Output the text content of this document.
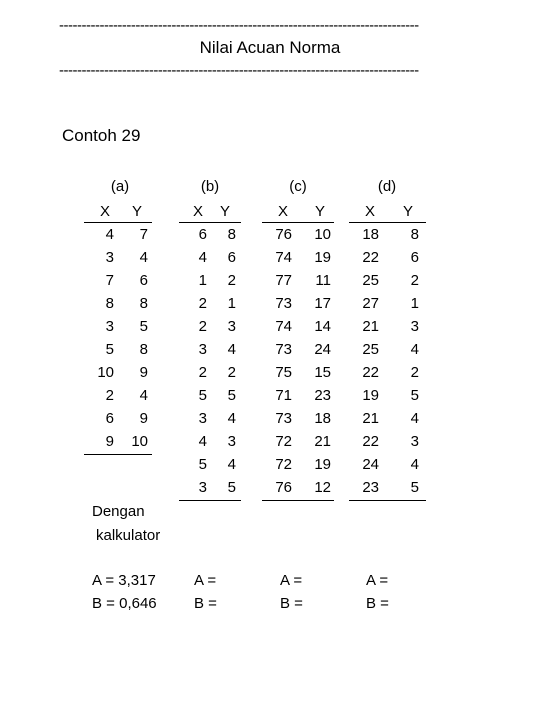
--------------------------------------------------------------------------------
Nilai Acuan Norma
--------------------------------------------------------------------------------
Contoh 29
(a)
X	Y
4	7
3	4
7	6
8	8
3	5
5	8
10	9
2	4
6	9
9	10
(b)
X	Y
6	8
4	6
1	2
2	1
2	3
3	4
2	2
5	5
3	4
4	3
5	4
3	5
(c)
X	Y
76	10
74	19
77	11
73	17
74	14
73	24
75	15
71	23
73	18
72	21
72	19
76	12
(d)
X	Y
18	8
22	6
25	2
27	1
21	3
25	4
22	2
19	5
21	4
22	3
24	4
23	5
Dengan
kalkulator
A = 3,317
B = 0,646
A =
B =
A =
B =
A =
B =
